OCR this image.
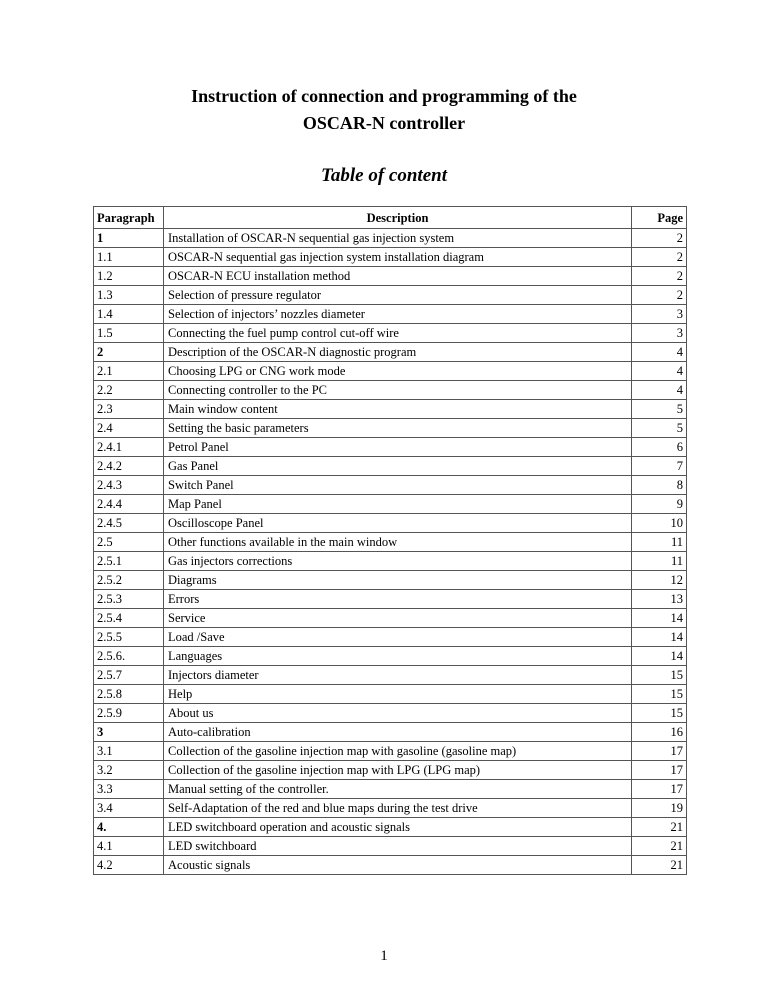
Instruction of connection and programming of the
OSCAR-N controller
Table of content
Paragraph	Description	Page
1	Installation of OSCAR-N sequential gas injection system	2
1.1	OSCAR-N sequential gas injection system installation diagram	2
1.2	OSCAR-N ECU installation method	2
1.3	Selection of pressure regulator	2
1.4	Selection of injectors’ nozzles diameter	3
1.5	Connecting the fuel pump control cut-off wire	3
2	Description of the OSCAR-N diagnostic program	4
2.1	Choosing LPG or CNG work mode	4
2.2	Connecting controller to the PC	4
2.3	Main window content	5
2.4	Setting the basic parameters	5
2.4.1	Petrol Panel	6
2.4.2	Gas Panel	7
2.4.3	Switch Panel	8
2.4.4	Map Panel	9
2.4.5	Oscilloscope Panel	10
2.5	Other functions available in the main window	11
2.5.1	Gas injectors corrections	11
2.5.2	Diagrams	12
2.5.3	Errors	13
2.5.4	Service	14
2.5.5	Load /Save	14
2.5.6.	Languages	14
2.5.7	Injectors diameter	15
2.5.8	Help	15
2.5.9	About us	15
3	Auto-calibration	16
3.1	Collection of the gasoline injection map with gasoline (gasoline map)	17
3.2	Collection of the gasoline injection map with LPG (LPG map)	17
3.3	Manual setting of the controller.	17
3.4	Self-Adaptation of the red and blue maps during the test drive	19
4.	LED switchboard operation and acoustic signals	21
4.1	LED switchboard	21
4.2	Acoustic signals	21
1
